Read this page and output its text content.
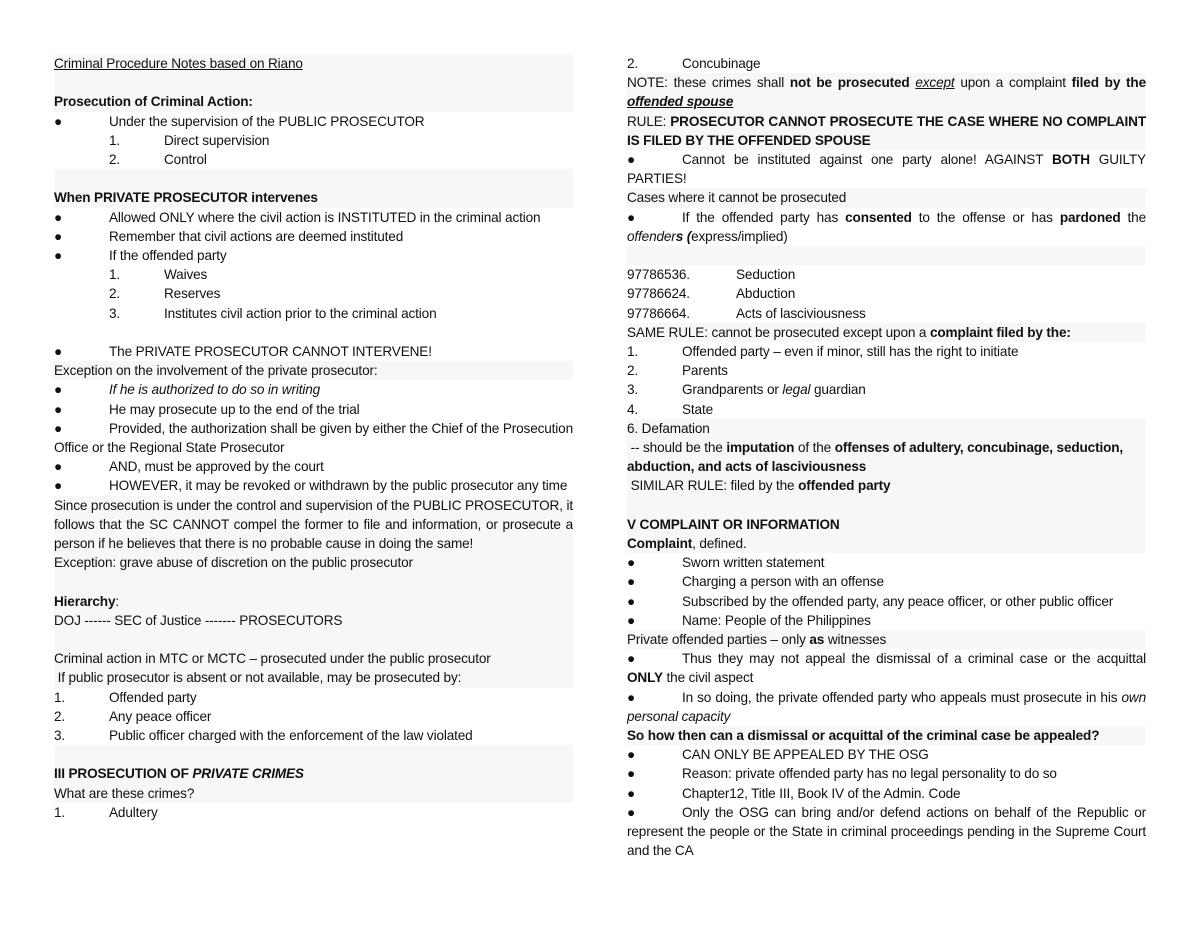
Criminal Procedure Notes based on Riano
Prosecution of Criminal Action:
●	Under the supervision of the PUBLIC PROSECUTOR
1.	Direct supervision
2.	Control
When PRIVATE PROSECUTOR intervenes
●	Allowed ONLY where the civil action is INSTITUTED in the criminal action
●	Remember that civil actions are deemed instituted
●	If the offended party
1.	Waives
2.	Reserves
3.	Institutes civil action prior to the criminal action
●	The PRIVATE PROSECUTOR CANNOT INTERVENE!
Exception on the involvement of the private prosecutor:
●	If he is authorized to do so in writing
●	He may prosecute up to the end of the trial
●	Provided, the authorization shall be given by either the Chief of the Prosecution Office or the Regional State Prosecutor
●	AND, must be approved by the court
●	HOWEVER, it may be revoked or withdrawn by the public prosecutor any time
Since prosecution is under the control and supervision of the PUBLIC PROSECUTOR, it follows that the SC CANNOT compel the former to file and information, or prosecute a person if he believes that there is no probable cause in doing the same!
Exception: grave abuse of discretion on the public prosecutor
Hierarchy:
DOJ ------ SEC of Justice ------- PROSECUTORS
Criminal action in MTC or MCTC – prosecuted under the public prosecutor
If public prosecutor is absent or not available, may be prosecuted by:
1.	Offended party
2.	Any peace officer
3.	Public officer charged with the enforcement of the law violated
III PROSECUTION OF PRIVATE CRIMES
What are these crimes?
1.	Adultery
2.	Concubinage
NOTE: these crimes shall not be prosecuted except upon a complaint filed by the offended spouse
RULE: PROSECUTOR CANNOT PROSECUTE THE CASE WHERE NO COMPLAINT IS FILED BY THE OFFENDED SPOUSE
●	Cannot be instituted against one party alone! AGAINST BOTH GUILTY PARTIES!
Cases where it cannot be prosecuted
●	If the offended party has consented to the offense or has pardoned the offenders (express/implied)
97786536.	Seduction
97786624.	Abduction
97786664.	Acts of lasciviousness
SAME RULE: cannot be prosecuted except upon a complaint filed by the:
1.	Offended party – even if minor, still has the right to initiate
2.	Parents
3.	Grandparents or legal guardian
4.	State
6. Defamation
-- should be the imputation of the offenses of adultery, concubinage, seduction, abduction, and acts of lasciviousness
SIMILAR RULE: filed by the offended party
V COMPLAINT OR INFORMATION
Complaint, defined.
●	Sworn written statement
●	Charging a person with an offense
●	Subscribed by the offended party, any peace officer, or other public officer
●	Name: People of the Philippines
Private offended parties – only as witnesses
●	Thus they may not appeal the dismissal of a criminal case or the acquittal ONLY the civil aspect
●	In so doing, the private offended party who appeals must prosecute in his own personal capacity
So how then can a dismissal or acquittal of the criminal case be appealed?
●	CAN ONLY BE APPEALED BY THE OSG
●	Reason: private offended party has no legal personality to do so
●	Chapter12, Title III, Book IV of the Admin. Code
●	Only the OSG can bring and/or defend actions on behalf of the Republic or represent the people or the State in criminal proceedings pending in the Supreme Court and the CA
